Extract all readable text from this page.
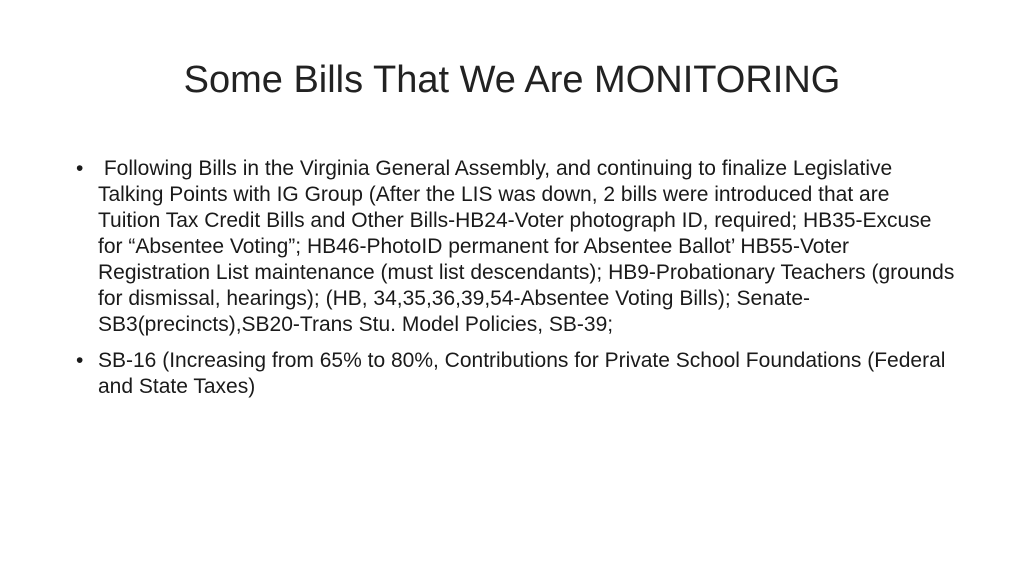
Some Bills That We Are MONITORING
• Following Bills in the Virginia General Assembly, and continuing to finalize Legislative Talking Points with IG Group (After the LIS was down, 2 bills were introduced that are Tuition Tax Credit Bills and Other Bills-HB24-Voter photograph ID, required; HB35-Excuse for “Absentee Voting”; HB46-PhotoID permanent for Absentee Ballot’ HB55-Voter Registration List maintenance (must list descendants); HB9-Probationary Teachers (grounds for dismissal, hearings); (HB, 34,35,36,39,54-Absentee Voting Bills); Senate-SB3(precincts),SB20-Trans Stu. Model Policies, SB-39;
• SB-16 (Increasing from 65% to 80%, Contributions for Private School Foundations (Federal and State Taxes)
